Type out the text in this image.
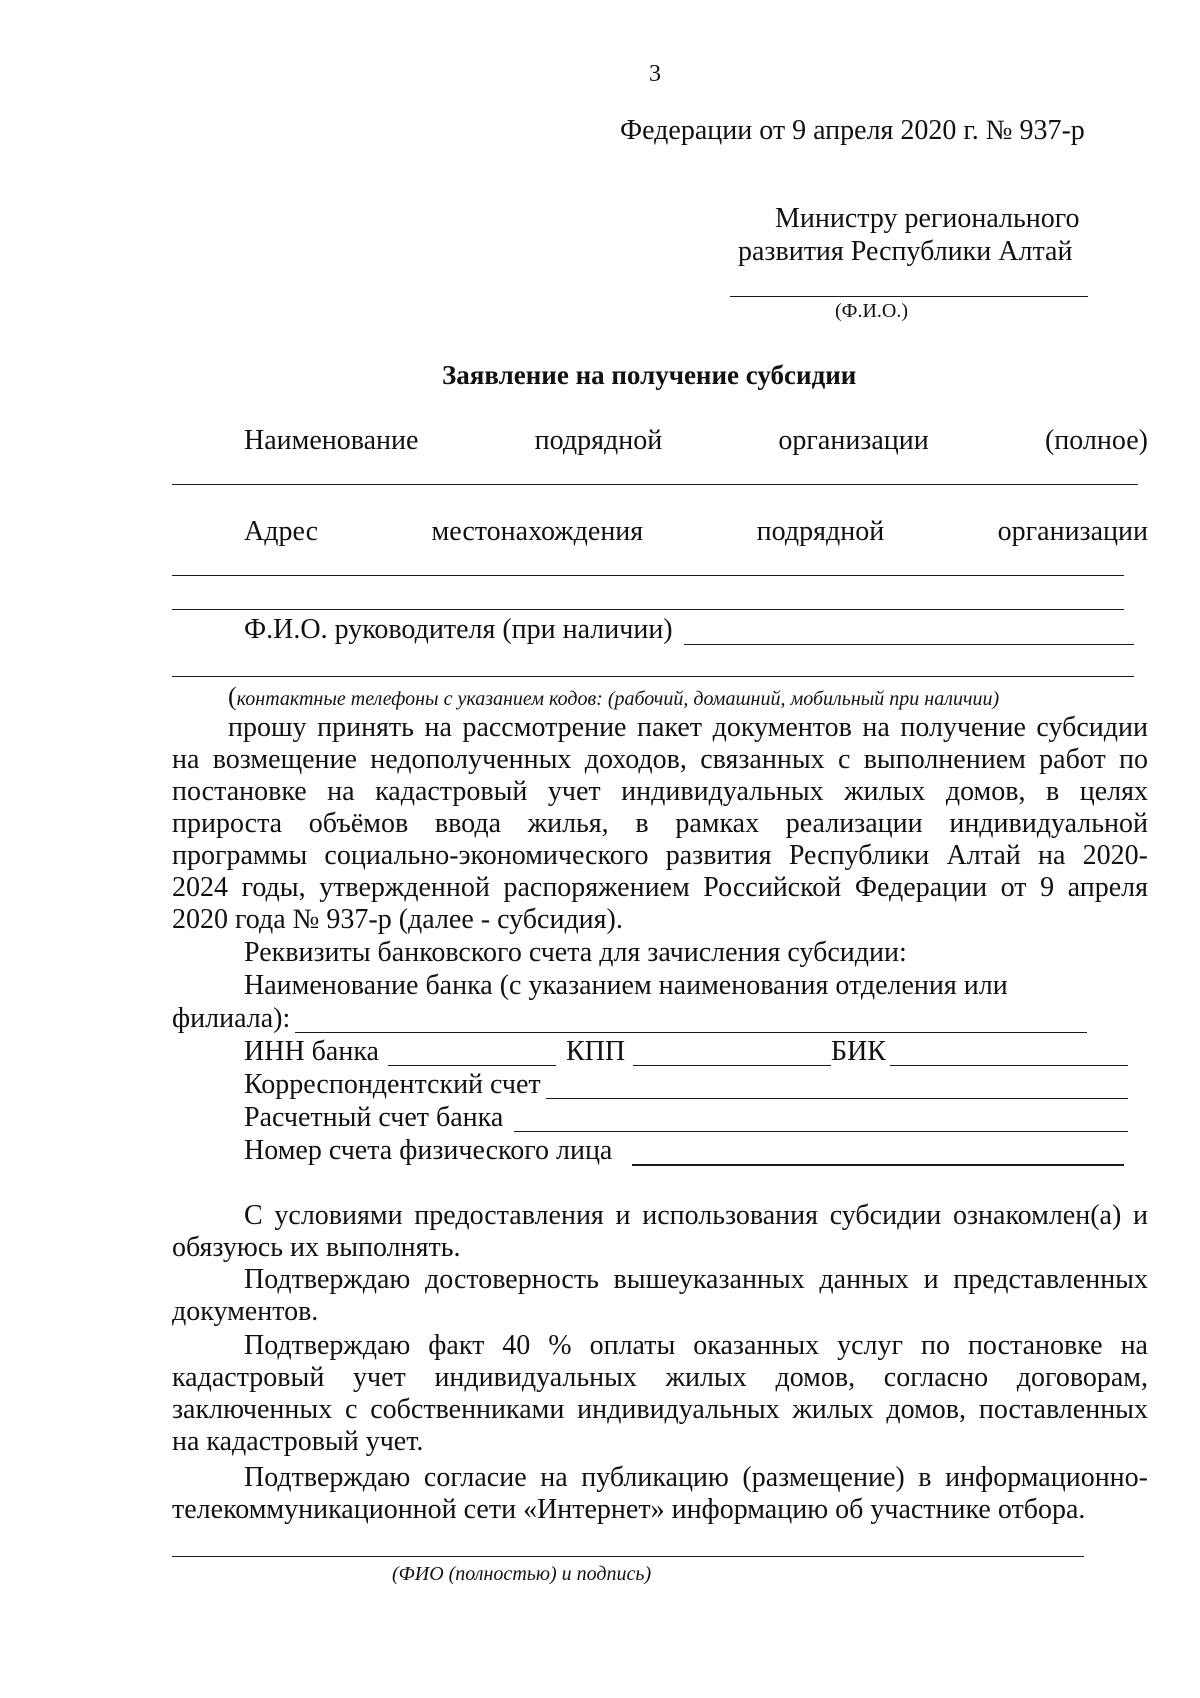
3
Федерации от 9 апреля 2020 г. № 937-р
Министру регионального
развития Республики Алтай
(Ф.И.О.)
Заявление на получение субсидии
Наименование	подрядной	организации	(полное)
Адрес	местонахождения	подрядной	организации
Ф.И.О. руководителя (при наличии)
(контактные телефоны с указанием кодов: (рабочий, домашний, мобильный при наличии)
прошу принять на рассмотрение пакет документов на получение субсидии
на возмещение недополученных доходов, связанных с выполнением работ по
постановке на кадастровый учет индивидуальных жилых домов, в целях
прироста объёмов ввода жилья, в рамках реализации индивидуальной
программы социально-экономического развития Республики Алтай на 2020-
2024 годы, утвержденной распоряжением Российской Федерации от 9 апреля
2020 года № 937-р (далее - субсидия).
Реквизиты банковского счета для зачисления субсидии:
Наименование банка (с указанием наименования отделения или
филиала):
ИНН банка	КПП	БИК
Корреспондентский счет
Расчетный счет банка
Номер счета физического лица
С условиями предоставления и использования субсидии ознакомлен(а) и
обязуюсь их выполнять.
Подтверждаю достоверность вышеуказанных данных и представленных
документов.
Подтверждаю факт 40 % оплаты оказанных услуг по постановке на
кадастровый учет индивидуальных жилых домов, согласно договорам,
заключенных с собственниками индивидуальных жилых домов, поставленных
на кадастровый учет.
Подтверждаю согласие на публикацию (размещение) в информационно-
телекоммуникационной сети «Интернет» информацию об участнике отбора.
(ФИО (полностью) и подпись)
